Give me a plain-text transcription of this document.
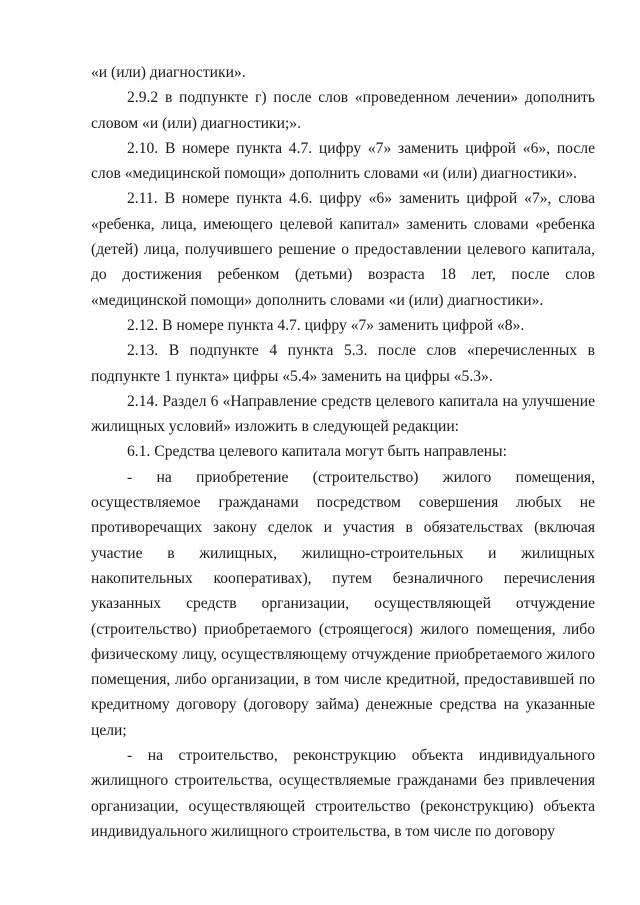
«и (или) диагностики».

2.9.2 в подпункте г) после слов «проведенном лечении» дополнить словом «и (или) диагностики;».

2.10. В номере пункта 4.7. цифру «7» заменить цифрой «6», после слов «медицинской помощи» дополнить словами «и (или) диагностики».

2.11. В номере пункта 4.6. цифру «6» заменить цифрой «7», слова «ребенка, лица, имеющего целевой капитал» заменить словами «ребенка (детей) лица, получившего решение о предоставлении целевого капитала, до достижения ребенком (детьми) возраста 18 лет, после слов «медицинской помощи» дополнить словами «и (или) диагностики».

2.12. В номере пункта 4.7. цифру «7» заменить цифрой «8».

2.13. В подпункте 4 пункта 5.3. после слов «перечисленных в подпункте 1 пункта» цифры «5.4» заменить на цифры «5.3».

2.14. Раздел 6 «Направление средств целевого капитала на улучшение жилищных условий» изложить в следующей редакции:

6.1. Средства целевого капитала могут быть направлены:

- на приобретение (строительство) жилого помещения, осуществляемое гражданами посредством совершения любых не противоречащих закону сделок и участия в обязательствах (включая участие в жилищных, жилищно-строительных и жилищных накопительных кооперативах), путем безналичного перечисления указанных средств организации, осуществляющей отчуждение (строительство) приобретаемого (строящегося) жилого помещения, либо физическому лицу, осуществляющему отчуждение приобретаемого жилого помещения, либо организации, в том числе кредитной, предоставившей по кредитному договору (договору займа) денежные средства на указанные цели;

- на строительство, реконструкцию объекта индивидуального жилищного строительства, осуществляемые гражданами без привлечения организации, осуществляющей строительство (реконструкцию) объекта индивидуального жилищного строительства, в том числе по договору
